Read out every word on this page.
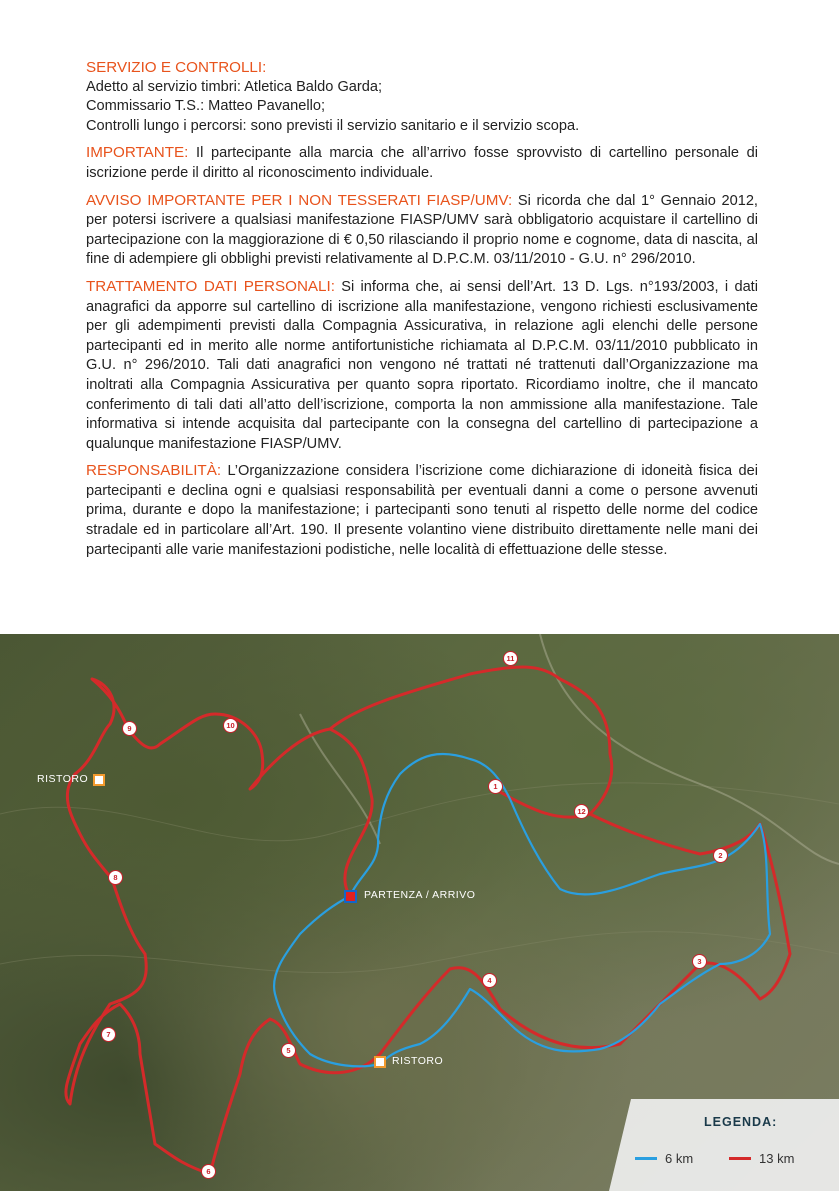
SERVIZIO E CONTROLLI:
Adetto al servizio timbri: Atletica Baldo Garda;
Commissario T.S.: Matteo Pavanello;
Controlli lungo i percorsi: sono previsti il servizio sanitario e il servizio scopa.

IMPORTANTE: Il partecipante alla marcia che all’arrivo fosse sprovvisto di cartellino personale di iscrizione perde il diritto al riconoscimento individuale.

AVVISO IMPORTANTE PER I NON TESSERATI FIASP/UMV: Si ricorda che dal 1° Gennaio 2012, per potersi iscrivere a qualsiasi manifestazione FIASP/UMV sarà obbligatorio acquistare il cartellino di partecipazione con la maggiorazione di € 0,50 rilasciando il proprio nome e cognome, data di nascita, al fine di adempiere gli obblighi previsti relativamente al D.P.C.M. 03/11/2010 - G.U. n° 296/2010.

TRATTAMENTO DATI PERSONALI: Si informa che, ai sensi dell’Art. 13 D. Lgs. n°193/2003, i dati anagrafici da apporre sul cartellino di iscrizione alla manifestazione, vengono richiesti esclusivamente per gli adempimenti previsti dalla Compagnia Assicurativa, in relazione agli elenchi delle persone partecipanti ed in merito alle norme antifortunistiche richiamata al D.P.C.M. 03/11/2010 pubblicato in G.U. n° 296/2010. Tali dati anagrafici non vengono né trattati né trattenuti dall’Organizzazione ma inoltrati alla Compagnia Assicurativa per quanto sopra riportato. Ricordiamo inoltre, che il mancato conferimento di tali dati all’atto dell’iscrizione, comporta la non ammissione alla manifestazione. Tale informativa si intende acquisita dal partecipante con la consegna del cartellino di partecipazione a qualunque manifestazione FIASP/UMV.

RESPONSABILITÀ: L’Organizzazione considera l’iscrizione come dichiarazione di idoneità fisica dei partecipanti e declina ogni e qualsiasi responsabilità per eventuali danni a come o persone avvenuti prima, durante e dopo la manifestazione; i partecipanti sono tenuti al rispetto delle norme del codice stradale ed in particolare all’Art. 190. Il presente volantino viene distribuito direttamente nelle mani dei partecipanti alle varie manifestazioni podistiche, nelle località di effettuazione delle stesse.

RISTORO
RISTORO
PARTENZA / ARRIVO
1
2
3
4
5
6
7
8
9	10
11
12
LEGENDA:
6 km	13 km
